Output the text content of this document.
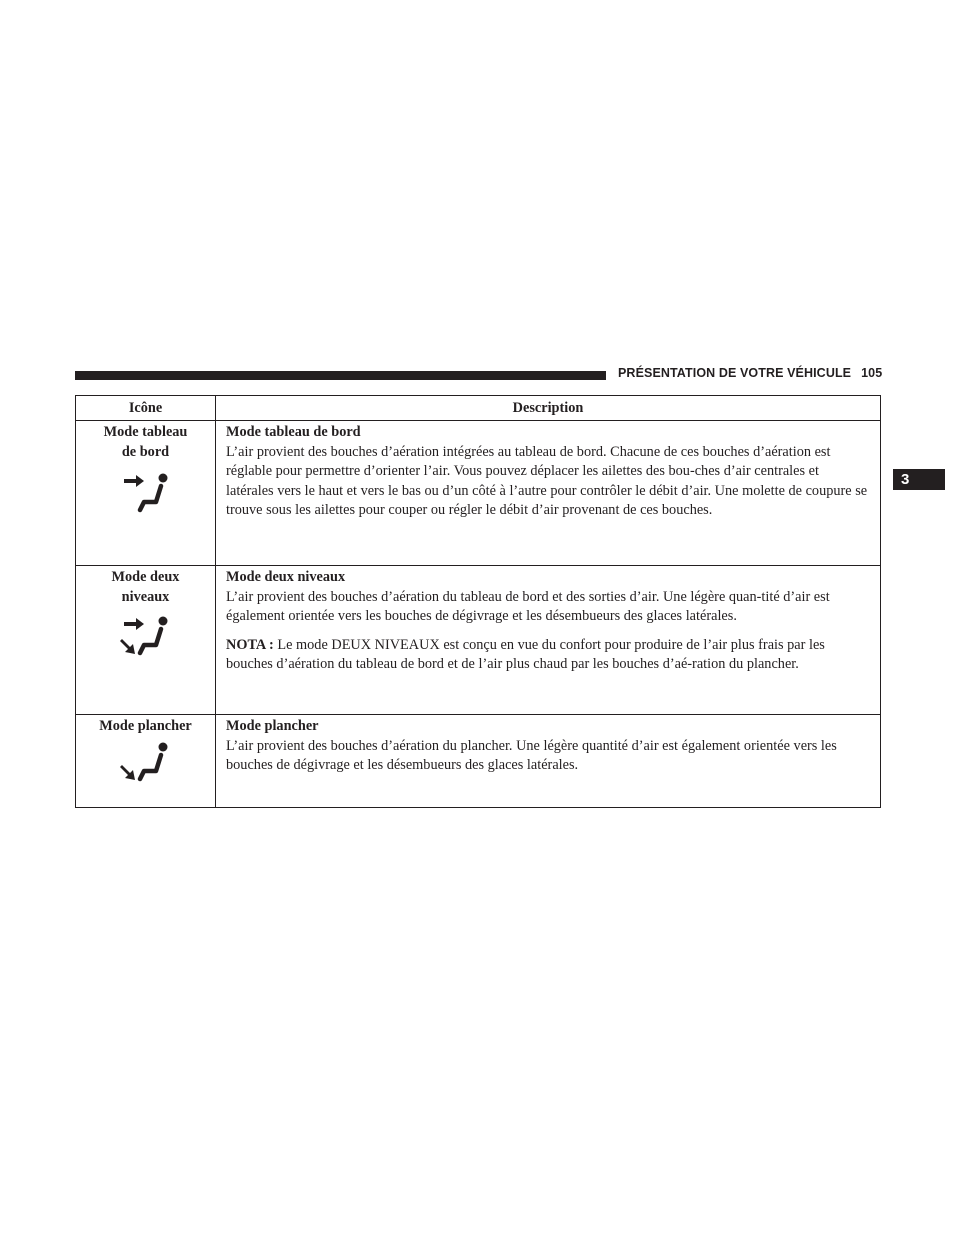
PRÉSENTATION DE VOTRE VÉHICULE 105
3
Icône	Description

Mode tableau
de bord	Mode tableau de bord
L’air provient des bouches d’aération intégrées au tableau de bord. Chacune de ces bouches d’aération est réglable pour permettre d’orienter l’air. Vous pouvez déplacer les ailettes des bou-ches d’air centrales et latérales vers le haut et vers le bas ou d’un côté à l’autre pour contrôler le débit d’air. Une molette de coupure se trouve sous les ailettes pour couper ou régler le débit d’air provenant de ces bouches.

Mode deux
niveaux	Mode deux niveaux
L’air provient des bouches d’aération du tableau de bord et des sorties d’air. Une légère quan-tité d’air est également orientée vers les bouches de dégivrage et les désembueurs des glaces latérales.
NOTA : Le mode DEUX NIVEAUX est conçu en vue du confort pour produire de l’air plus frais par les bouches d’aération du tableau de bord et de l’air plus chaud par les bouches d’aé-ration du plancher.

Mode plancher	Mode plancher
L’air provient des bouches d’aération du plancher. Une légère quantité d’air est également orientée vers les bouches de dégivrage et les désembueurs des glaces latérales.
